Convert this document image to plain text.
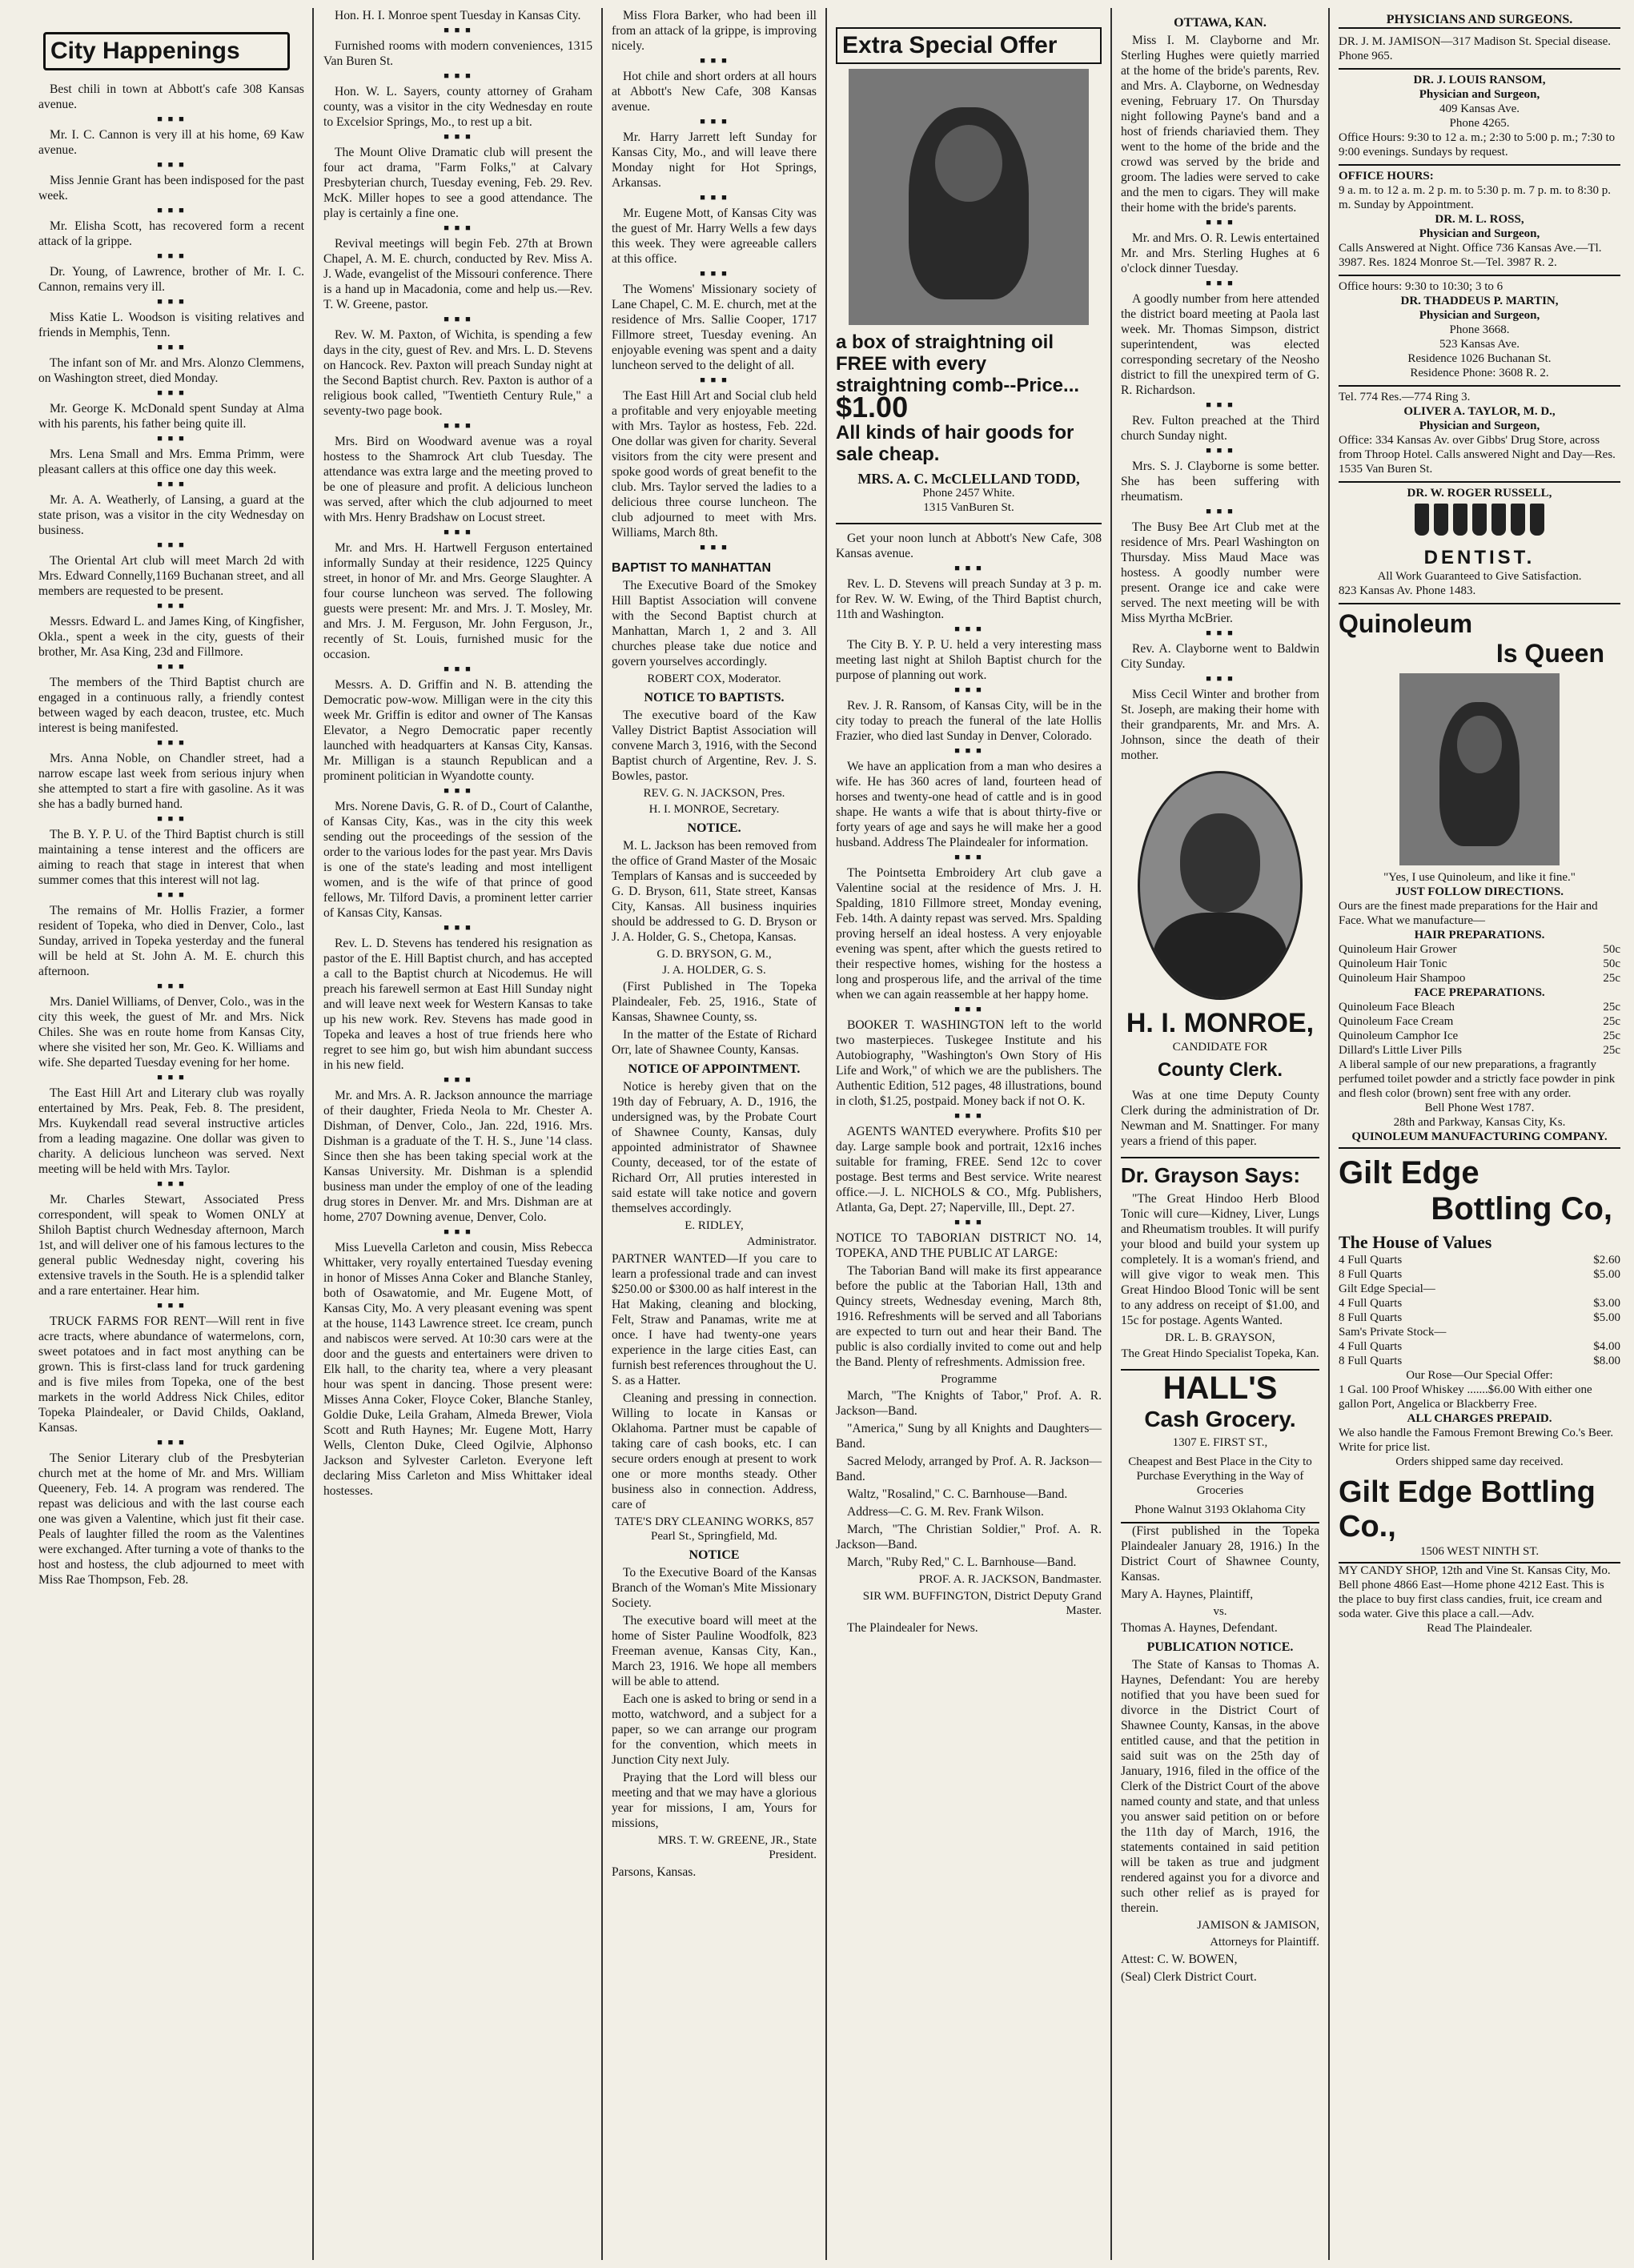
City Happenings

Best chili in town at Abbott's cafe 308 Kansas avenue.

■ ■ ■

Mr. I. C. Cannon is very ill at his home, 69 Kaw avenue.

■ ■ ■

Miss Jennie Grant has been indisposed for the past week.

■ ■ ■

Mr. Elisha Scott, has recovered form a recent attack of la grippe.

■ ■ ■

Dr. Young, of Lawrence, brother of Mr. I. C. Cannon, remains very ill.

■ ■ ■

Miss Katie L. Woodson is visiting relatives and friends in Memphis, Tenn.

■ ■ ■

The infant son of Mr. and Mrs. Alonzo Clemmens, on Washington street, died Monday.

■ ■ ■

Mr. George K. McDonald spent Sunday at Alma with his parents, his father being quite ill.

■ ■ ■

Mrs. Lena Small and Mrs. Emma Primm, were pleasant callers at this office one day this week.

■ ■ ■

Mr. A. A. Weatherly, of Lansing, a guard at the state prison, was a visitor in the city Wednesday on business.

■ ■ ■

The Oriental Art club will meet March 2d with Mrs. Edward Connelly,1169 Buchanan street, and all members are requested to be present.

■ ■ ■

Messrs. Edward L. and James King, of Kingfisher, Okla., spent a week in the city, guests of their brother, Mr. Asa King, 23d and Fillmore.

■ ■ ■

The members of the Third Baptist church are engaged in a continuous rally, a friendly contest between waged by each deacon, trustee, etc. Much interest is being manifested.

■ ■ ■

Mrs. Anna Noble, on Chandler street, had a narrow escape last week from serious injury when she attempted to start a fire with gasoline. As it was she has a badly burned hand.

■ ■ ■

The B. Y. P. U. of the Third Baptist church is still maintaining a tense interest and the officers are aiming to reach that stage in interest that when summer comes that this interest will not lag.

■ ■ ■

The remains of Mr. Hollis Frazier, a former resident of Topeka, who died in Denver, Colo., last Sunday, arrived in Topeka yesterday and the funeral will be held at St. John A. M. E. church this afternoon.

■ ■ ■

Mrs. Daniel Williams, of Denver, Colo., was in the city this week, the guest of Mr. and Mrs. Nick Chiles. She was en route home from Kansas City, where she visited her son, Mr. Geo. K. Williams and wife. She departed Tuesday evening for her home.

■ ■ ■

The East Hill Art and Literary club was royally entertained by Mrs. Peak, Feb. 8. The president, Mrs. Kuykendall read several instructive articles from a leading magazine. One dollar was given to charity. A delicious luncheon was served. Next meeting will be held with Mrs. Taylor.

■ ■ ■

Mr. Charles Stewart, Associated Press correspondent, will speak to Women ONLY at Shiloh Baptist church Wednesday afternoon, March 1st, and will deliver one of his famous lectures to the general public Wednesday night, covering his extensive travels in the South. He is a splendid talker and a rare entertainer. Hear him.

■ ■ ■

TRUCK FARMS FOR RENT—Will rent in five acre tracts, where abundance of watermelons, corn, sweet potatoes and in fact most anything can be grown. This is first-class land for truck gardening and is five miles from Topeka, one of the best markets in the world Address Nick Chiles, editor Topeka Plaindealer, or David Childs, Oakland, Kansas.

■ ■ ■

The Senior Literary club of the Presbyterian church met at the home of Mr. and Mrs. William Queenery, Feb. 14. A program was rendered. The repast was delicious and with the last course each one was given a Valentine, which just fit their case. Peals of laughter filled the room as the Valentines were exchanged. After turning a vote of thanks to the host and hostess, the club adjourned to meet with Miss Rae Thompson, Feb. 28.

Hon. H. I. Monroe spent Tuesday in Kansas City.

■ ■ ■

Furnished rooms with modern conveniences, 1315 Van Buren St.

■ ■ ■

Hon. W. L. Sayers, county attorney of Graham county, was a visitor in the city Wednesday en route to Excelsior Springs, Mo., to rest up a bit.

■ ■ ■

The Mount Olive Dramatic club will present the four act drama, "Farm Folks," at Calvary Presbyterian church, Tuesday evening, Feb. 29. Rev. McK. Miller hopes to see a good attendance. The play is certainly a fine one.

■ ■ ■

Revival meetings will begin Feb. 27th at Brown Chapel, A. M. E. church, conducted by Rev. Miss A. J. Wade, evangelist of the Missouri conference. There is a hand up in Macadonia, come and help us.—Rev. T. W. Greene, pastor.

■ ■ ■

Rev. W. M. Paxton, of Wichita, is spending a few days in the city, guest of Rev. and Mrs. L. D. Stevens on Hancock. Rev. Paxton will preach Sunday night at the Second Baptist church. Rev. Paxton is author of a religious book called, "Twentieth Century Rule," a seventy-two page book.

■ ■ ■

Mrs. Bird on Woodward avenue was a royal hostess to the Shamrock Art club Tuesday. The attendance was extra large and the meeting proved to be one of pleasure and profit. A delicious luncheon was served, after which the club adjourned to meet with Mrs. Henry Bradshaw on Locust street.

■ ■ ■

Mr. and Mrs. H. Hartwell Ferguson entertained informally Sunday at their residence, 1225 Quincy street, in honor of Mr. and Mrs. George Slaughter. A four course luncheon was served. The following guests were present: Mr. and Mrs. J. T. Mosley, Mr. and Mrs. J. M. Ferguson, Mr. John Ferguson, Jr., recently of St. Louis, furnished music for the occasion.

■ ■ ■

Messrs. A. D. Griffin and N. B. attending the Democratic pow-wow. Milligan were in the city this week Mr. Griffin is editor and owner of The Kansas Elevator, a Negro Democratic paper recently launched with headquarters at Kansas City, Kansas. Mr. Milligan is a staunch Republican and a prominent politician in Wyandotte county.

■ ■ ■

Mrs. Norene Davis, G. R. of D., Court of Calanthe, of Kansas City, Kas., was in the city this week sending out the proceedings of the session of the order to the various lodes for the past year. Mrs Davis is one of the state's leading and most intelligent women, and is the wife of that prince of good fellows, Mr. Tilford Davis, a prominent letter carrier of Kansas City, Kansas.

■ ■ ■

Rev. L. D. Stevens has tendered his resignation as pastor of the E. Hill Baptist church, and has accepted a call to the Baptist church at Nicodemus. He will preach his farewell sermon at East Hill Sunday night and will leave next week for Western Kansas to take up his new work. Rev. Stevens has made good in Topeka and leaves a host of true friends here who regret to see him go, but wish him abundant success in his new field.

■ ■ ■

Mr. and Mrs. A. R. Jackson announce the marriage of their daughter, Frieda Neola to Mr. Chester A. Dishman, of Denver, Colo., Jan. 22d, 1916. Mrs. Dishman is a graduate of the T. H. S., June '14 class. Since then she has been taking special work at the Kansas University. Mr. Dishman is a splendid business man under the employ of one of the leading drug stores in Denver. Mr. and Mrs. Dishman are at home, 2707 Downing avenue, Denver, Colo.

■ ■ ■

Miss Luevella Carleton and cousin, Miss Rebecca Whittaker, very royally entertained Tuesday evening in honor of Misses Anna Coker and Blanche Stanley, both of Osawatomie, and Mr. Eugene Mott, of Kansas City, Mo. A very pleasant evening was spent at the house, 1143 Lawrence street. Ice cream, punch and nabiscos were served. At 10:30 cars were at the door and the guests and entertainers were driven to Elk hall, to the charity tea, where a very pleasant hour was spent in dancing. Those present were: Misses Anna Coker, Floyce Coker, Blanche Stanley, Goldie Duke, Leila Graham, Almeda Brewer, Viola Scott and Ruth Haynes; Mr. Eugene Mott, Harry Wells, Clenton Duke, Cleed Ogilvie, Alphonso Jackson and Sylvester Carleton. Everyone left declaring Miss Carleton and Miss Whittaker ideal hostesses.

Miss Flora Barker, who had been ill from an attack of la grippe, is improving nicely.

■ ■ ■

Hot chile and short orders at all hours at Abbott's New Cafe, 308 Kansas avenue.

■ ■ ■

Mr. Harry Jarrett left Sunday for Kansas City, Mo., and will leave there Monday night for Hot Springs, Arkansas.

■ ■ ■

Mr. Eugene Mott, of Kansas City was the guest of Mr. Harry Wells a few days this week. They were agreeable callers at this office.

■ ■ ■

The Womens' Missionary society of Lane Chapel, C. M. E. church, met at the residence of Mrs. Sallie Cooper, 1717 Fillmore street, Tuesday evening. An enjoyable evening was spent and a daity luncheon served to the delight of all.

■ ■ ■

The East Hill Art and Social club held a profitable and very enjoyable meeting with Mrs. Taylor as hostess, Feb. 22d. One dollar was given for charity. Several visitors from the city were present and spoke good words of great benefit to the club. Mrs. Taylor served the ladies to a delicious three course luncheon. The club adjourned to meet with Mrs. Williams, March 8th.

■ ■ ■
BAPTIST TO MANHATTAN

The Executive Board of the Smokey Hill Baptist Association will convene with the Second Baptist church at Manhattan, March 1, 2 and 3. All churches please take due notice and govern yourselves accordingly.

ROBERT COX, Moderator.
NOTICE TO BAPTISTS.

The executive board of the Kaw Valley District Baptist Association will convene March 3, 1916, with the Second Baptist church of Argentine, Rev. J. S. Bowles, pastor.

REV. G. N. JACKSON, Pres.
H. I. MONROE, Secretary.
NOTICE.

M. L. Jackson has been removed from the office of Grand Master of the Mosaic Templars of Kansas and is succeeded by G. D. Bryson, 611, State street, Kansas City, Kansas. All business inquiries should be addressed to G. D. Bryson or J. A. Holder, G. S., Chetopa, Kansas.

G. D. BRYSON, G. M.,
J. A. HOLDER, G. S.

(First Published in The Topeka Plaindealer, Feb. 25, 1916., State of Kansas, Shawnee County, ss.

In the matter of the Estate of Richard Orr, late of Shawnee County, Kansas.

NOTICE OF APPOINTMENT.

Notice is hereby given that on the 19th day of February, A. D., 1916, the undersigned was, by the Probate Court of Shawnee County, Kansas, duly appointed administrator of Shawnee County, deceased, tor of the estate of Richard Orr, All pruties interested in said estate will take notice and govern themselves accordingly.

E. RIDLEY,
Administrator.

PARTNER WANTED—If you care to learn a professional trade and can invest $250.00 or $300.00 as half interest in the Hat Making, cleaning and blocking, Felt, Straw and Panamas, write me at once. I have had twenty-one years experience in the large cities East, can furnish best references throughout the U. S. as a Hatter.

Cleaning and pressing in connection. Willing to locate in Kansas or Oklahoma. Partner must be capable of taking care of cash books, etc. I can secure orders enough at present to work one or more months steady. Other business also in connection. Address, care of

TATE'S DRY CLEANING WORKS, 857 Pearl St., Springfield, Md.
NOTICE

To the Executive Board of the Kansas Branch of the Woman's Mite Missionary Society.

The executive board will meet at the home of Sister Pauline Woodfolk, 823 Freeman avenue, Kansas City, Kan., March 23, 1916. We hope all members will be able to attend.

Each one is asked to bring or send in a motto, watchword, and a subject for a paper, so we can arrange our program for the convention, which meets in Junction City next July.

Praying that the Lord will bless our meeting and that we may have a glorious year for missions, I am, Yours for missions,

MRS. T. W. GREENE, JR., State President.

Parsons, Kansas.

Extra Special Offer
a box of straightning oil FREE with every straightning comb--Price... $1.00
All kinds of hair goods for sale cheap.
MRS. A. C. McCLELLAND TODD,
Phone 2457 White.
1315 VanBuren St.

Get your noon lunch at Abbott's New Cafe, 308 Kansas avenue.

■ ■ ■

Rev. L. D. Stevens will preach Sunday at 3 p. m. for Rev. W. W. Ewing, of the Third Baptist church, 11th and Washington.

■ ■ ■

The City B. Y. P. U. held a very interesting mass meeting last night at Shiloh Baptist church for the purpose of planning out work.

■ ■ ■

Rev. J. R. Ransom, of Kansas City, will be in the city today to preach the funeral of the late Hollis Frazier, who died last Sunday in Denver, Colorado.

■ ■ ■

We have an application from a man who desires a wife. He has 360 acres of land, fourteen head of horses and twenty-one head of cattle and is in good shape. He wants a wife that is about thirty-five or forty years of age and says he will make her a good husband. Address The Plaindealer for information.

■ ■ ■

The Pointsetta Embroidery Art club gave a Valentine social at the residence of Mrs. J. H. Spalding, 1810 Fillmore street, Monday evening, Feb. 14th. A dainty repast was served. Mrs. Spalding proving herself an ideal hostess. A very enjoyable evening was spent, after which the guests retired to their respective homes, wishing for the hostess a long and prosperous life, and the arrival of the time when we can again reassemble at her happy home.

■ ■ ■

BOOKER T. WASHINGTON left to the world two masterpieces. Tuskegee Institute and his Autobiography, "Washington's Own Story of His Life and Work," of which we are the publishers. The Authentic Edition, 512 pages, 48 illustrations, bound in cloth, $1.25, postpaid. Money back if not O. K.

■ ■ ■

AGENTS WANTED everywhere. Profits $10 per day. Large sample book and portrait, 12x16 inches suitable for framing, FREE. Send 12c to cover postage. Best terms and Best service. Write nearest office.—J. L. NICHOLS & CO., Mfg. Publishers, Atlanta, Ga, Dept. 27; Naperville, Ill., Dept. 27.

■ ■ ■

NOTICE TO TABORIAN DISTRICT NO. 14, TOPEKA, AND THE PUBLIC AT LARGE:

The Taborian Band will make its first appearance before the public at the Taborian Hall, 13th and Quincy streets, Wednesday evening, March 8th, 1916. Refreshments will be served and all Taborians are expected to turn out and hear their Band. The public is also cordially invited to come out and help the Band. Plenty of refreshments. Admission free.

Programme

March, "The Knights of Tabor," Prof. A. R. Jackson—Band.

"America," Sung by all Knights and Daughters—Band.

Sacred Melody, arranged by Prof. A. R. Jackson—Band.

Waltz, "Rosalind," C. C. Barnhouse—Band.

Address—C. G. M. Rev. Frank Wilson.

March, "The Christian Soldier," Prof. A. R. Jackson—Band.

March, "Ruby Red," C. L. Barnhouse—Band.

PROF. A. R. JACKSON, Bandmaster.
SIR WM. BUFFINGTON, District Deputy Grand Master.

The Plaindealer for News.

OTTAWA, KAN.

Miss I. M. Clayborne and Mr. Sterling Hughes were quietly married at the home of the bride's parents, Rev. and Mrs. A. Clayborne, on Wednesday evening, February 17. On Thursday night following Payne's band and a host of friends chariavied them. They went to the home of the bride and the crowd was served by the bride and groom. The ladies were served to cake and the men to cigars. They will make their home with the bride's parents.

■ ■ ■

Mr. and Mrs. O. R. Lewis entertained Mr. and Mrs. Sterling Hughes at 6 o'clock dinner Tuesday.

■ ■ ■

A goodly number from here attended the district board meeting at Paola last week. Mr. Thomas Simpson, district superintendent, was elected corresponding secretary of the Neosho district to fill the unexpired term of G. R. Richardson.

■ ■ ■

Rev. Fulton preached at the Third church Sunday night.

■ ■ ■

Mrs. S. J. Clayborne is some better. She has been suffering with rheumatism.

■ ■ ■

The Busy Bee Art Club met at the residence of Mrs. Pearl Washington on Thursday. Miss Maud Mace was hostess. A goodly number were present. Orange ice and cake were served. The next meeting will be with Miss Myrtha McBrier.

■ ■ ■

Rev. A. Clayborne went to Baldwin City Sunday.

■ ■ ■

Miss Cecil Winter and brother from St. Joseph, are making their home with their grandparents, Mr. and Mrs. A. Johnson, since the death of their mother.

H. I. MONROE,
CANDIDATE FOR
County Clerk.

Was at one time Deputy County Clerk during the administration of Dr. Newman and M. Snattinger. For many years a friend of this paper.

Dr. Grayson Says:

"The Great Hindoo Herb Blood Tonic will cure—Kidney, Liver, Lungs and Rheumatism troubles. It will purify your blood and build your system up completely. It is a woman's friend, and will give vigor to weak men. This Great Hindoo Blood Tonic will be sent to any address on receipt of $1.00, and 15c for postage. Agents Wanted.

DR. L. B. GRAYSON,
The Great Hindo Specialist Topeka, Kan.
HALL'S
Cash Grocery.
1307 E. FIRST ST.,
Cheapest and Best Place in the City to Purchase Everything in the Way of Groceries
Phone Walnut 3193 Oklahoma City

(First published in the Topeka Plaindealer January 28, 1916.) In the District Court of Shawnee County, Kansas.

Mary A. Haynes, Plaintiff,

vs.

Thomas A. Haynes, Defendant.

PUBLICATION NOTICE.

The State of Kansas to Thomas A. Haynes, Defendant: You are hereby notified that you have been sued for divorce in the District Court of Shawnee County, Kansas, in the above entitled cause, and that the petition in said suit was on the 25th day of January, 1916, filed in the office of the Clerk of the District Court of the above named county and state, and that unless you answer said petition on or before the 11th day of March, 1916, the statements contained in said petition will be taken as true and judgment rendered against you for a divorce and such other relief as is prayed for therein.

JAMISON & JAMISON,
Attorneys for Plaintiff.

Attest: C. W. BOWEN,

(Seal) Clerk District Court.

PHYSICIANS AND SURGEONS.

DR. J. M. JAMISON—317 Madison St. Special disease. Phone 965.

DR. J. LOUIS RANSOM,

Physician and Surgeon,

409 Kansas Ave.

Phone 4265.

Office Hours: 9:30 to 12 a. m.; 2:30 to 5:00 p. m.; 7:30 to 9:00 evenings. Sundays by request.

OFFICE HOURS:

9 a. m. to 12 a. m. 2 p. m. to 5:30 p. m. 7 p. m. to 8:30 p. m. Sunday by Appointment.

DR. M. L. ROSS,

Physician and Surgeon,

Calls Answered at Night. Office 736 Kansas Ave.—Tl. 3987. Res. 1824 Monroe St.—Tel. 3987 R. 2.

Office hours: 9:30 to 10:30; 3 to 6

DR. THADDEUS P. MARTIN,

Physician and Surgeon,

Phone 3668.

523 Kansas Ave.

Residence 1026 Buchanan St.

Residence Phone: 3608 R. 2.

Tel. 774 Res.—774 Ring 3.

OLIVER A. TAYLOR, M. D.,

Physician and Surgeon,

Office: 334 Kansas Av. over Gibbs' Drug Store, across from Throop Hotel. Calls answered Night and Day—Res. 1535 Van Buren St.

DR. W. ROGER RUSSELL,

DENTIST.

All Work Guaranteed to Give Satisfaction.

823 Kansas Av. Phone 1483.

Quinoleum
Is Queen

"Yes, I use Quinoleum, and like it fine."

JUST FOLLOW DIRECTIONS.

Ours are the finest made preparations for the Hair and Face. What we manufacture—

HAIR PREPARATIONS.

Quinoleum Hair Grower	50c
Quinoleum Hair Tonic	50c
Quinoleum Hair Shampoo	25c

FACE PREPARATIONS.

Quinoleum Face Bleach	25c
Quinoleum Face Cream	25c
Quinoleum Camphor Ice	25c
Dillard's Little Liver Pills	25c

A liberal sample of our new preparations, a fragrantly perfumed toilet powder and a strictly face powder in pink and flesh color (brown) sent free with any order.

Bell Phone West 1787.

28th and Parkway, Kansas City, Ks.

QUINOLEUM MANUFACTURING COMPANY.

Gilt Edge
Bottling Co,

The House of Values

4 Full Quarts	$2.60
8 Full Quarts	$5.00
Gilt Edge Special—
4 Full Quarts	$3.00
8 Full Quarts	$5.00
Sam's Private Stock—
4 Full Quarts	$4.00
8 Full Quarts	$8.00

Our Rose—Our Special Offer:

1 Gal. 100 Proof Whiskey .......$6.00 With either one gallon Port, Angelica or Blackberry Free.

ALL CHARGES PREPAID.

We also handle the Famous Fremont Brewing Co.'s Beer. Write for price list.

Orders shipped same day received.

Gilt Edge Bottling Co.,

1506 WEST NINTH ST.

MY CANDY SHOP, 12th and Vine St. Kansas City, Mo. Bell phone 4866 East—Home phone 4212 East. This is the place to buy first class candies, fruit, ice cream and soda water. Give this place a call.—Adv.

Read The Plaindealer.
